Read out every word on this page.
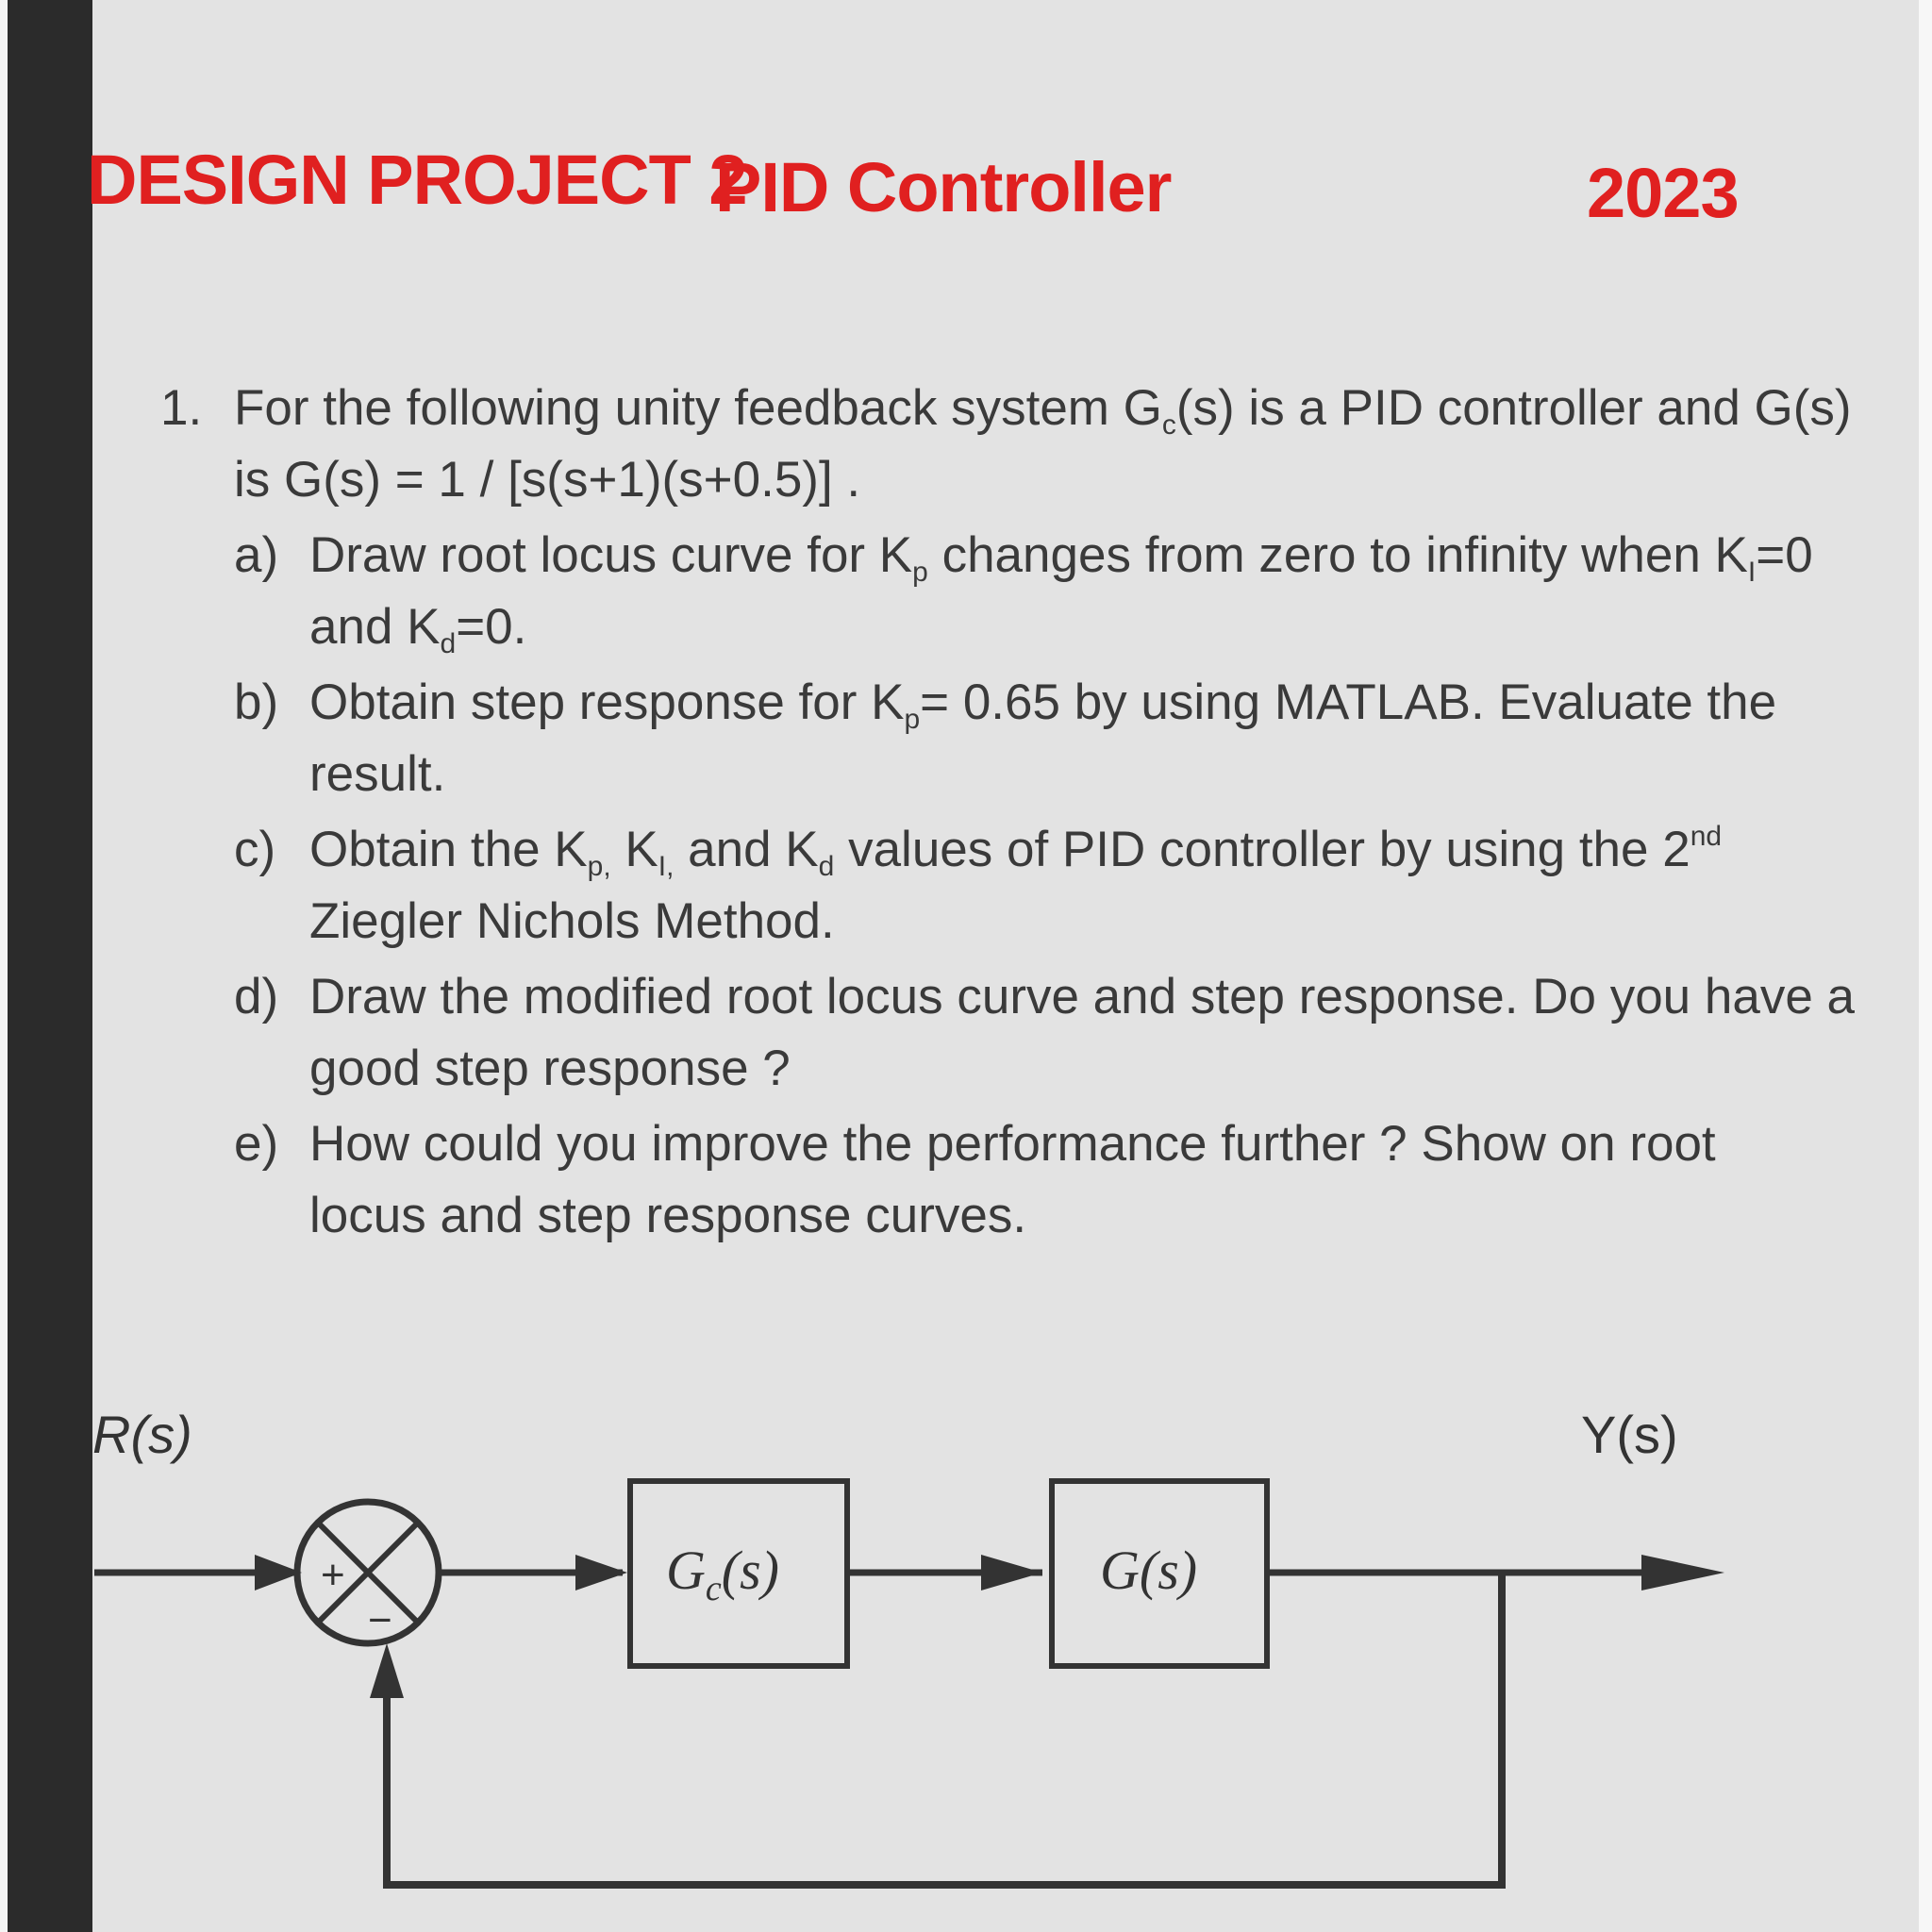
DESIGN PROJECT 2
PID Controller	2023
1. For the following unity feedback system $G_c(s)$ is a PID controller and G(s)
is G(s) = 1 / [s(s+1)(s+0.5)] .
a) Draw root locus curve for $K_p$ changes from zero to infinity when $K_I=0$
and $K_d=0$.
b) Obtain step response for $K_p= 0.65$ by using MATLAB. Evaluate the
result.
c) Obtain the $K_{p,}$ $K_{I,}$ and $K_d$ values of PID controller by using the 2nd
Ziegler Nichols Method.
d) Draw the modified root locus curve and step response. Do you have a
good step response ?
e) How could you improve the performance further ? Show on root
locus and step response curves.
R(s)	Y(s)
+
−
$G_c(s)$	G(s)
